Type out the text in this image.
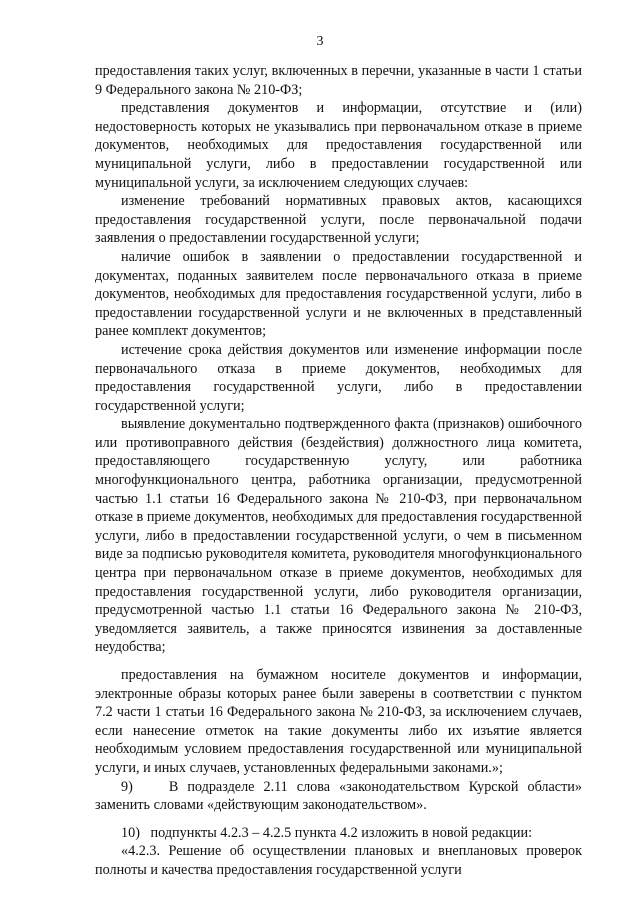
3

предоставления таких услуг, включенных в перечни, указанные в части 1 статьи 9 Федерального закона № 210-ФЗ;

представления документов и информации, отсутствие и (или) недостоверность которых не указывались при первоначальном отказе в приеме документов, необходимых для предоставления государственной или муниципальной услуги, либо в предоставлении государственной или муниципальной услуги, за исключением следующих случаев:

изменение требований нормативных правовых актов, касающихся предоставления государственной услуги, после первоначальной подачи заявления о предоставлении государственной услуги;

наличие ошибок в заявлении о предоставлении государственной и документах, поданных заявителем после первоначального отказа в приеме документов, необходимых для предоставления государственной услуги, либо в предоставлении государственной услуги и не включенных в представленный ранее комплект документов;

истечение срока действия документов или изменение информации после первоначального отказа в приеме документов, необходимых для предоставления государственной услуги, либо в предоставлении государственной услуги;

выявление документально подтвержденного факта (признаков) ошибочного или противоправного действия (бездействия) должностного лица комитета, предоставляющего государственную услугу, или работника многофункционального центра, работника организации, предусмотренной частью 1.1 статьи 16 Федерального закона № 210-ФЗ, при первоначальном отказе в приеме документов, необходимых для предоставления государственной услуги, либо в предоставлении государственной услуги, о чем в письменном виде за подписью руководителя комитета, руководителя многофункционального центра при первоначальном отказе в приеме документов, необходимых для предоставления государственной услуги, либо руководителя организации, предусмотренной частью 1.1 статьи 16 Федерального закона № 210-ФЗ, уведомляется заявитель, а также приносятся извинения за доставленные неудобства;

предоставления на бумажном носителе документов и информации, электронные образы которых ранее были заверены в соответствии с пунктом 7.2 части 1 статьи 16 Федерального закона № 210-ФЗ, за исключением случаев, если нанесение отметок на такие документы либо их изъятие является необходимым условием предоставления государственной или муниципальной услуги, и иных случаев, установленных федеральными законами.»;

9)    В подразделе 2.11 слова «законодательством Курской области» заменить словами «действующим законодательством».

10)   подпункты 4.2.3 – 4.2.5 пункта 4.2 изложить в новой редакции:

«4.2.3. Решение об осуществлении плановых и внеплановых проверок полноты и качества предоставления государственной услуги
